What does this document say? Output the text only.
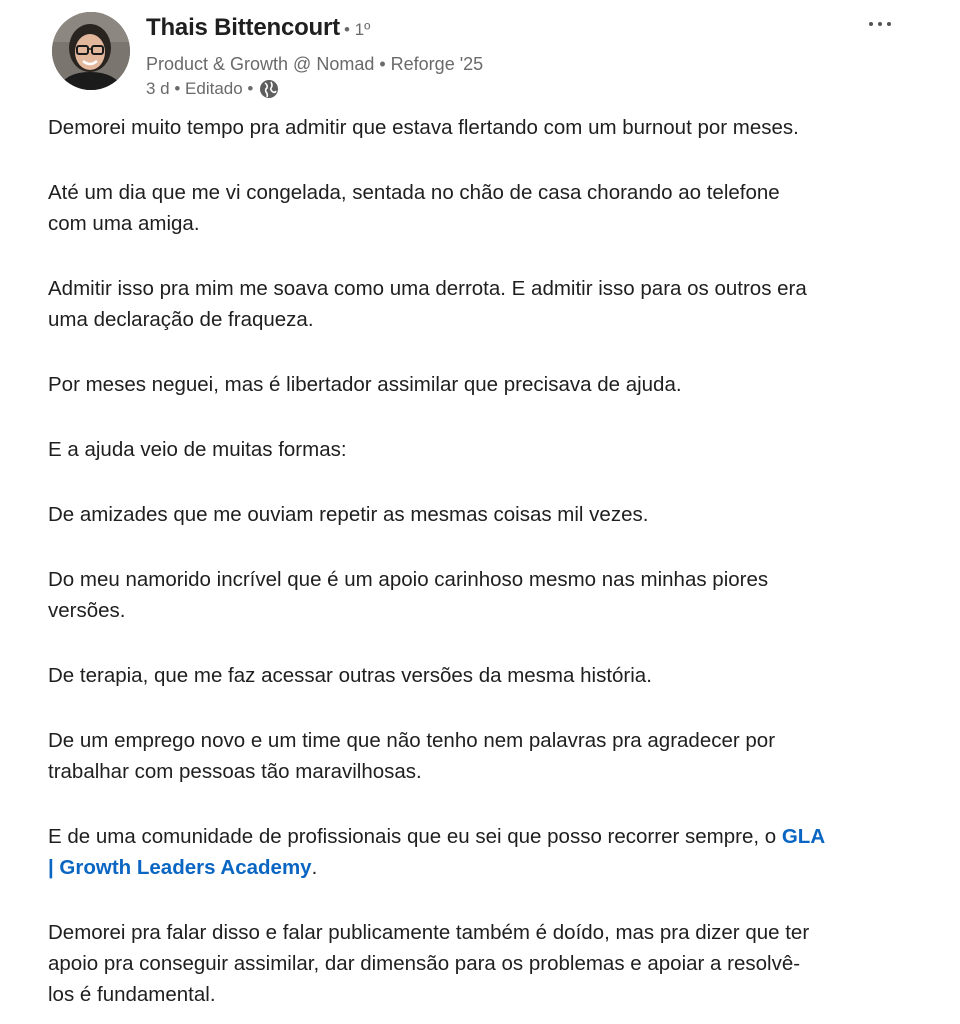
Thais Bittencourt • 1º
Product & Growth @ Nomad • Reforge '25
3 d • Editado •
Demorei muito tempo pra admitir que estava flertando com um burnout por meses.
Até um dia que me vi congelada, sentada no chão de casa chorando ao telefone
com uma amiga.
Admitir isso pra mim me soava como uma derrota. E admitir isso para os outros era
uma declaração de fraqueza.
Por meses neguei, mas é libertador assimilar que precisava de ajuda.
E a ajuda veio de muitas formas:
De amizades que me ouviam repetir as mesmas coisas mil vezes.
Do meu namorido incrível que é um apoio carinhoso mesmo nas minhas piores
versões.
De terapia, que me faz acessar outras versões da mesma história.
De um emprego novo e um time que não tenho nem palavras pra agradecer por
trabalhar com pessoas tão maravilhosas.
E de uma comunidade de profissionais que eu sei que posso recorrer sempre, o GLA
| Growth Leaders Academy.
Demorei pra falar disso e falar publicamente também é doído, mas pra dizer que ter
apoio pra conseguir assimilar, dar dimensão para os problemas e apoiar a resolvê-
los é fundamental.
